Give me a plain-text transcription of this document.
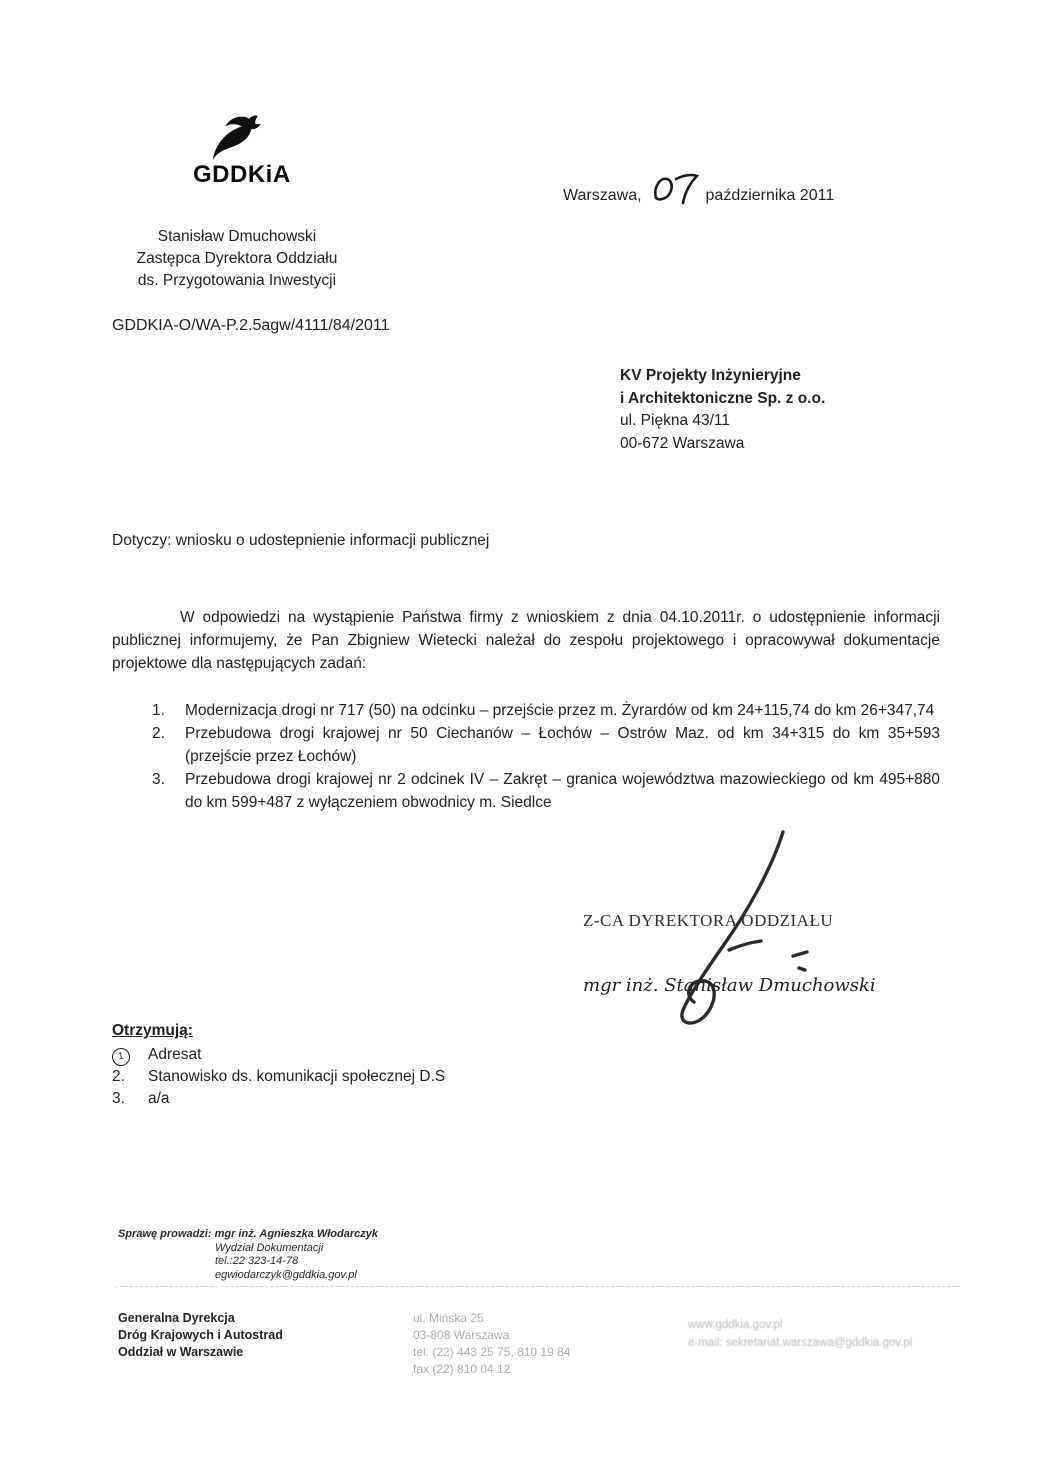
GDDKiA
Warszawa,	października 2011
Stanisław Dmuchowski
Zastępca Dyrektora Oddziału
ds. Przygotowania Inwestycji
GDDKIA-O/WA-P.2.5agw/4111/84/2011
KV Projekty Inżynieryjne
i Architektoniczne Sp. z o.o.
ul. Piękna 43/11
00-672 Warszawa
Dotyczy: wniosku o udostepnienie informacji publicznej
W odpowiedzi na wystąpienie Państwa firmy z wnioskiem z dnia 04.10.2011r. o udostępnienie informacji publicznej informujemy, że Pan Zbigniew Wietecki należał do zespołu projektowego i opracowywał dokumentacje projektowe dla następujących zadań:
1.	Modernizacja drogi nr 717 (50) na odcinku – przejście przez m. Żyrardów od km 24+115,74 do km 26+347,74
2.	Przebudowa drogi krajowej nr 50 Ciechanów – Łochów – Ostrów Maz. od km 34+315 do km 35+593 (przejście przez Łochów)
3.	Przebudowa drogi krajowej nr 2 odcinek IV – Zakręt – granica województwa mazowieckiego od km 495+880 do km 599+487 z wyłączeniem obwodnicy m. Siedlce
Z-CA DYREKTORA ODDZIAŁU
mgr inż. Stanisław Dmuchowski
Otrzymują:
1	Adresat
2.	Stanowisko ds. komunikacji społecznej D.S
3.	a/a
Sprawę prowadzi: mgr inż. Agnieszka Włodarczyk
Wydział Dokumentacji
tel.:22 323-14-78
egwiodarczyk@gddkia.gov.pl
Generalna Dyrekcja
Dróg Krajowych i Autostrad
Oddział w Warszawie
ul. Mińska 25
03-808 Warszawa
tel. (22) 443 25 75, 810 19 84
fax (22) 810 04 12
www.gddkia.gov.pl
e-mail: sekretariat.warszawa@gddkia.gov.pl
